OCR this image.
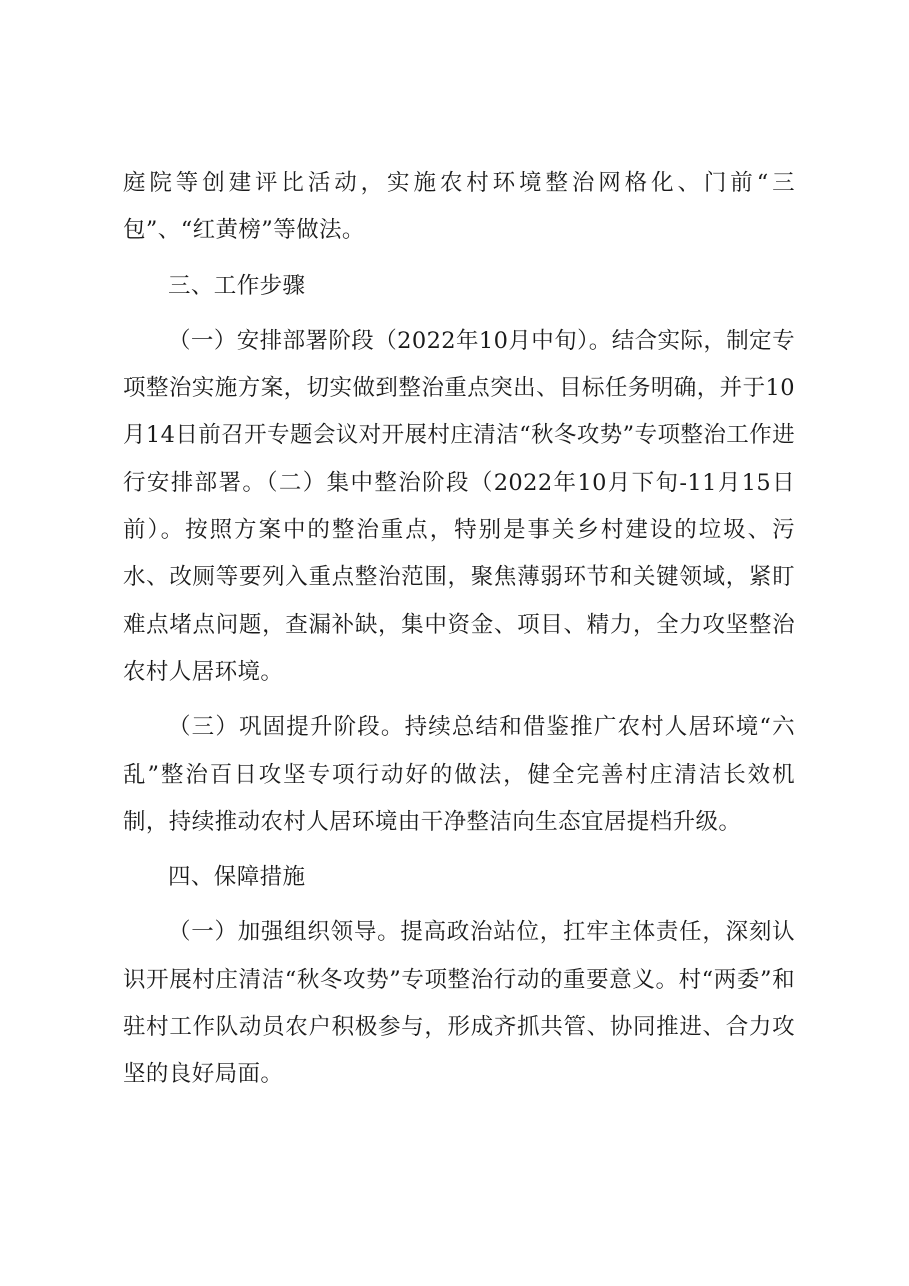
庭院等创建评比活动，实施农村环境整治网格化、门前“三包”、“红黄榜”等做法。

三、工作步骤

（一）安排部署阶段（2022年10月中旬）。结合实际，制定专项整治实施方案，切实做到整治重点突出、目标任务明确，并于10月14日前召开专题会议对开展村庄清洁“秋冬攻势”专项整治工作进行安排部署。（二）集中整治阶段（2022年10月下旬-11月15日前）。按照方案中的整治重点，特别是事关乡村建设的垃圾、污水、改厕等要列入重点整治范围，聚焦薄弱环节和关键领域，紧盯难点堵点问题，查漏补缺，集中资金、项目、精力，全力攻坚整治农村人居环境。

（三）巩固提升阶段。持续总结和借鉴推广农村人居环境“六乱”整治百日攻坚专项行动好的做法，健全完善村庄清洁长效机制，持续推动农村人居环境由干净整洁向生态宜居提档升级。

四、保障措施

（一）加强组织领导。提高政治站位，扛牢主体责任，深刻认识开展村庄清洁“秋冬攻势”专项整治行动的重要意义。村“两委”和驻村工作队动员农户积极参与，形成齐抓共管、协同推进、合力攻坚的良好局面。
